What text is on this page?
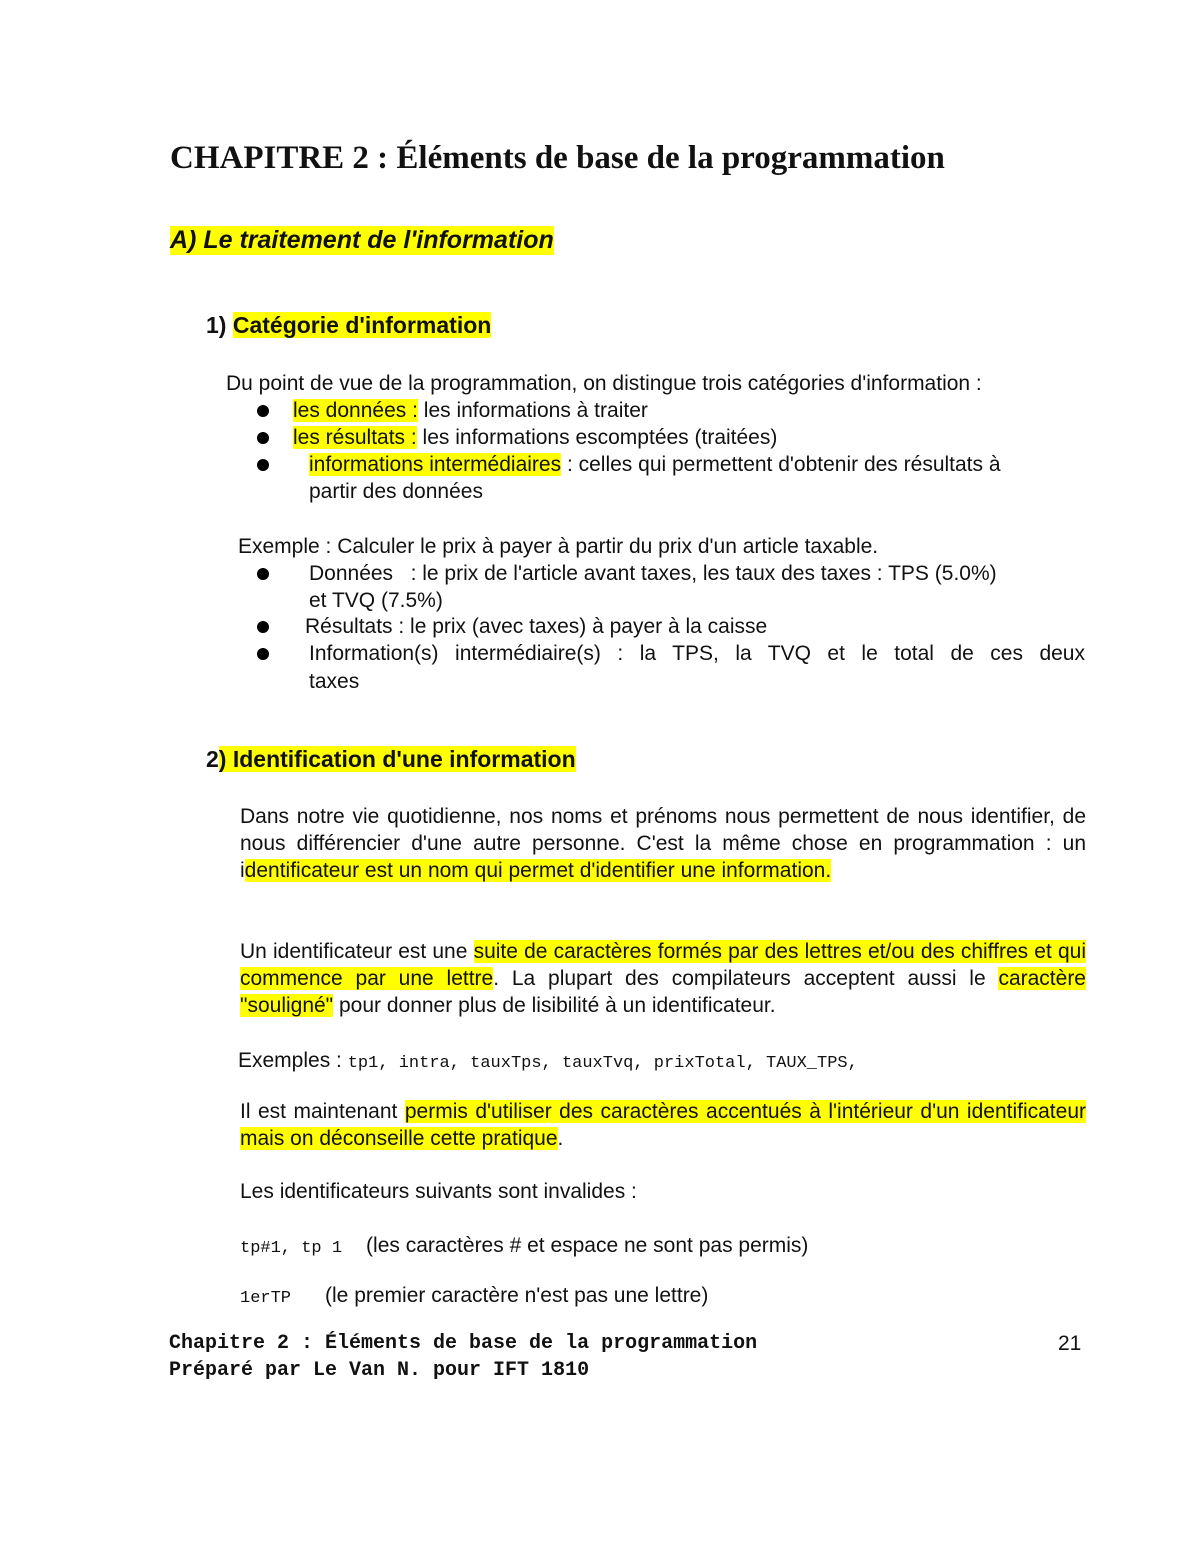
CHAPITRE 2 : Éléments de base de la programmation
A) Le traitement de l'information
1) Catégorie d'information
Du point de vue de la programmation, on distingue trois catégories d'information :
les données : les informations à traiter
les résultats : les informations escomptées (traitées)
informations intermédiaires : celles qui permettent d'obtenir des résultats à
partir des données
Exemple : Calculer le prix à payer à partir du prix d'un article taxable.
Données   : le prix de l'article avant taxes, les taux des taxes : TPS (5.0%)
et TVQ (7.5%)
Résultats : le prix (avec taxes) à payer à la caisse
Information(s) intermédiaire(s) : la TPS, la TVQ et le total de ces deux
taxes
2) Identification d'une information
Dans notre vie quotidienne, nos noms et prénoms nous permettent de nous identifier, de nous différencier d'une autre personne. C'est la même chose en programmation : un identificateur est un nom qui permet d'identifier une information.
Un identificateur est une suite de caractères formés par des lettres et/ou des chiffres et qui commence par une lettre. La plupart des compilateurs acceptent aussi le caractère "souligné" pour donner plus de lisibilité à un identificateur.
Exemples : tp1, intra, tauxTps, tauxTvq, prixTotal, TAUX_TPS,
Il est maintenant permis d'utiliser des caractères accentués à l'intérieur d'un identificateur mais on déconseille cette pratique.
Les identificateurs suivants sont invalides :
tp#1, tp 1 (les caractères # et espace ne sont pas permis)
1erTP (le premier caractère n'est pas une lettre)
Chapitre 2 : Éléments de base de la programmation
Préparé par Le Van N. pour IFT 1810
21
